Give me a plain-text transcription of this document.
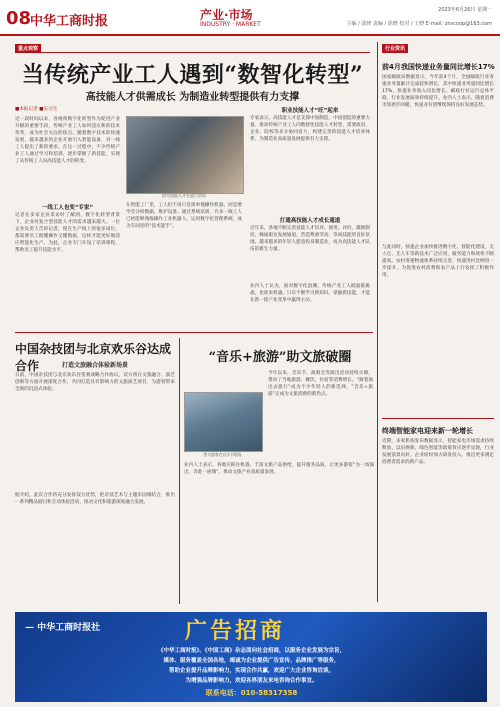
08
中华工商时报	产业·市场
INDUSTRY · MARKET
2023年6月26日 星期一
主编 / 邵律 责编 / 徐晓 校对 / 王晓 E-mail: zhscoop@163.com
重点观察	行业资讯
当传统产业工人遇到“数智化转型”
高技能人才供需成长 为制造业转型提供有力支撑
■本报记者 ■实习生
近一段时间以来，各地将数字化转型作为促进产业升级的重要手段，传统产业工人如何适应新的技术变革，成为社会关注的焦点。随着数字技术的快速发展，越来越多的企业开始引入智能设备，对一线工人提出了新的要求。在这一过程中，不少传统产业工人通过学习和培训，逐步掌握了新技能，实现了从传统工人向高技能人才的转变。
一线工人也变“专家”
记者在多家企业采访时了解到，数字化转型背景下，企业对复合型技能人才的需求越来越大。一位企业负责人告诉记者，现在生产线上的很多岗位，都需要员工既懂操作又懂数据，这样才能更好地适应智能化生产。为此，企业专门开设了培训课程，帮助员工提升技能水平。
图为技能人才在进行培训
在智能工厂里，工人们不再只是简单地操作机器，而是要学会分析数据、维护设备。通过系统培训，许多一线工人已经能够熟练操作工业机器人、运用数字化管理系统，成为车间里的“技术能手”。
职业技能人才“旺”起来
专家表示，高技能人才是支撑中国制造、中国创造的重要力量。推动传统产业工人向数智化技能人才转型，需要政府、企业、院校等多方协同发力，构建完善的技能人才培养体系，为制造业高质量发展提供有力支撑。
打通高技能人才成长通道
近年来，各地不断完善技能人才培养、使用、评价、激励制度，畅通职业发展通道，营造尊重劳动、崇尚技能的良好氛围。越来越多的年轻人愿意投身制造业，成为高技能人才队伍的新生力量。
业内人士认为，面对数字化浪潮，传统产业工人既面临挑战，也迎来机遇。只有不断学习新知识、掌握新技能，才能在新一轮产业变革中赢得主动。
前4月我国快递业务量同比增长17%
国家邮政局数据显示，今年前4个月，全国邮政行业寄递业务量累计完成较快增长，其中快递业务量同比增长17%，快递业务收入同比增长。邮政行业运行总体平稳，行业发展质效持续提升。业内人士表示，随着消费市场逐步回暖，快递业有望继续保持良好发展态势。
与此同时，快递企业加快推进数字化、智能化建设，无人仓、无人车等新技术广泛应用，服务能力和效率不断提高。农村寄递物流体系持续完善，快递进村比例进一步提升，为促进农村消费和农产品上行发挥了积极作用。
终端智能家电迎来新一轮增长
近期，多家机构发布数据显示，智能家电市场需求持续释放，以旧换新、绿色智能等政策效应逐步显现，行业发展前景向好。企业纷纷加大研发投入，推出更多满足消费者需求的新产品。
中国杂技团与北京欢乐谷达成合作	打造文旅融合体验新场景
日前，中国杂技团与北京欢乐谷签署战略合作协议，双方将在文旅融合、演艺创新等方面开展深度合作，共同打造具有影响力的文旅演艺项目，为游客带来全新的沉浸式体验。
据介绍，此次合作将充分发挥双方优势，把杂技艺术与主题乐园相结合，推出一系列精品剧目和互动体验活动，推动文化和旅游深度融合发展。
“音乐+旅游”助文旅破圈
图为游客在音乐节现场
今年以来，音乐节、演唱会等演出活动持续火爆，带动了当地旅游、餐饮、住宿等消费增长。“跟着演出去旅行”成为不少年轻人的新选择，“音乐+旅游”正成为文旅消费的新热点。
业内人士表示，各地应抓住机遇，丰富文旅产品供给，提升服务品质，让更多游客“为一场演出，奔赴一座城”，推动文旅产业高质量发展。
— 中华工商时报社	广告招商
《中华工商时报》、《中国工商》杂志面向社会招商，以服务企业发展为宗旨，
媒体、服务覆盖全国各地，竭诚为企业提供广告宣传、品牌推广等服务，
帮助企业提升品牌影响力，实现合作共赢，欢迎广大企业咨询洽谈。
为增强品牌影响力，欢迎各界朋友来电咨询合作事宜。
联系电话：010-58317358
